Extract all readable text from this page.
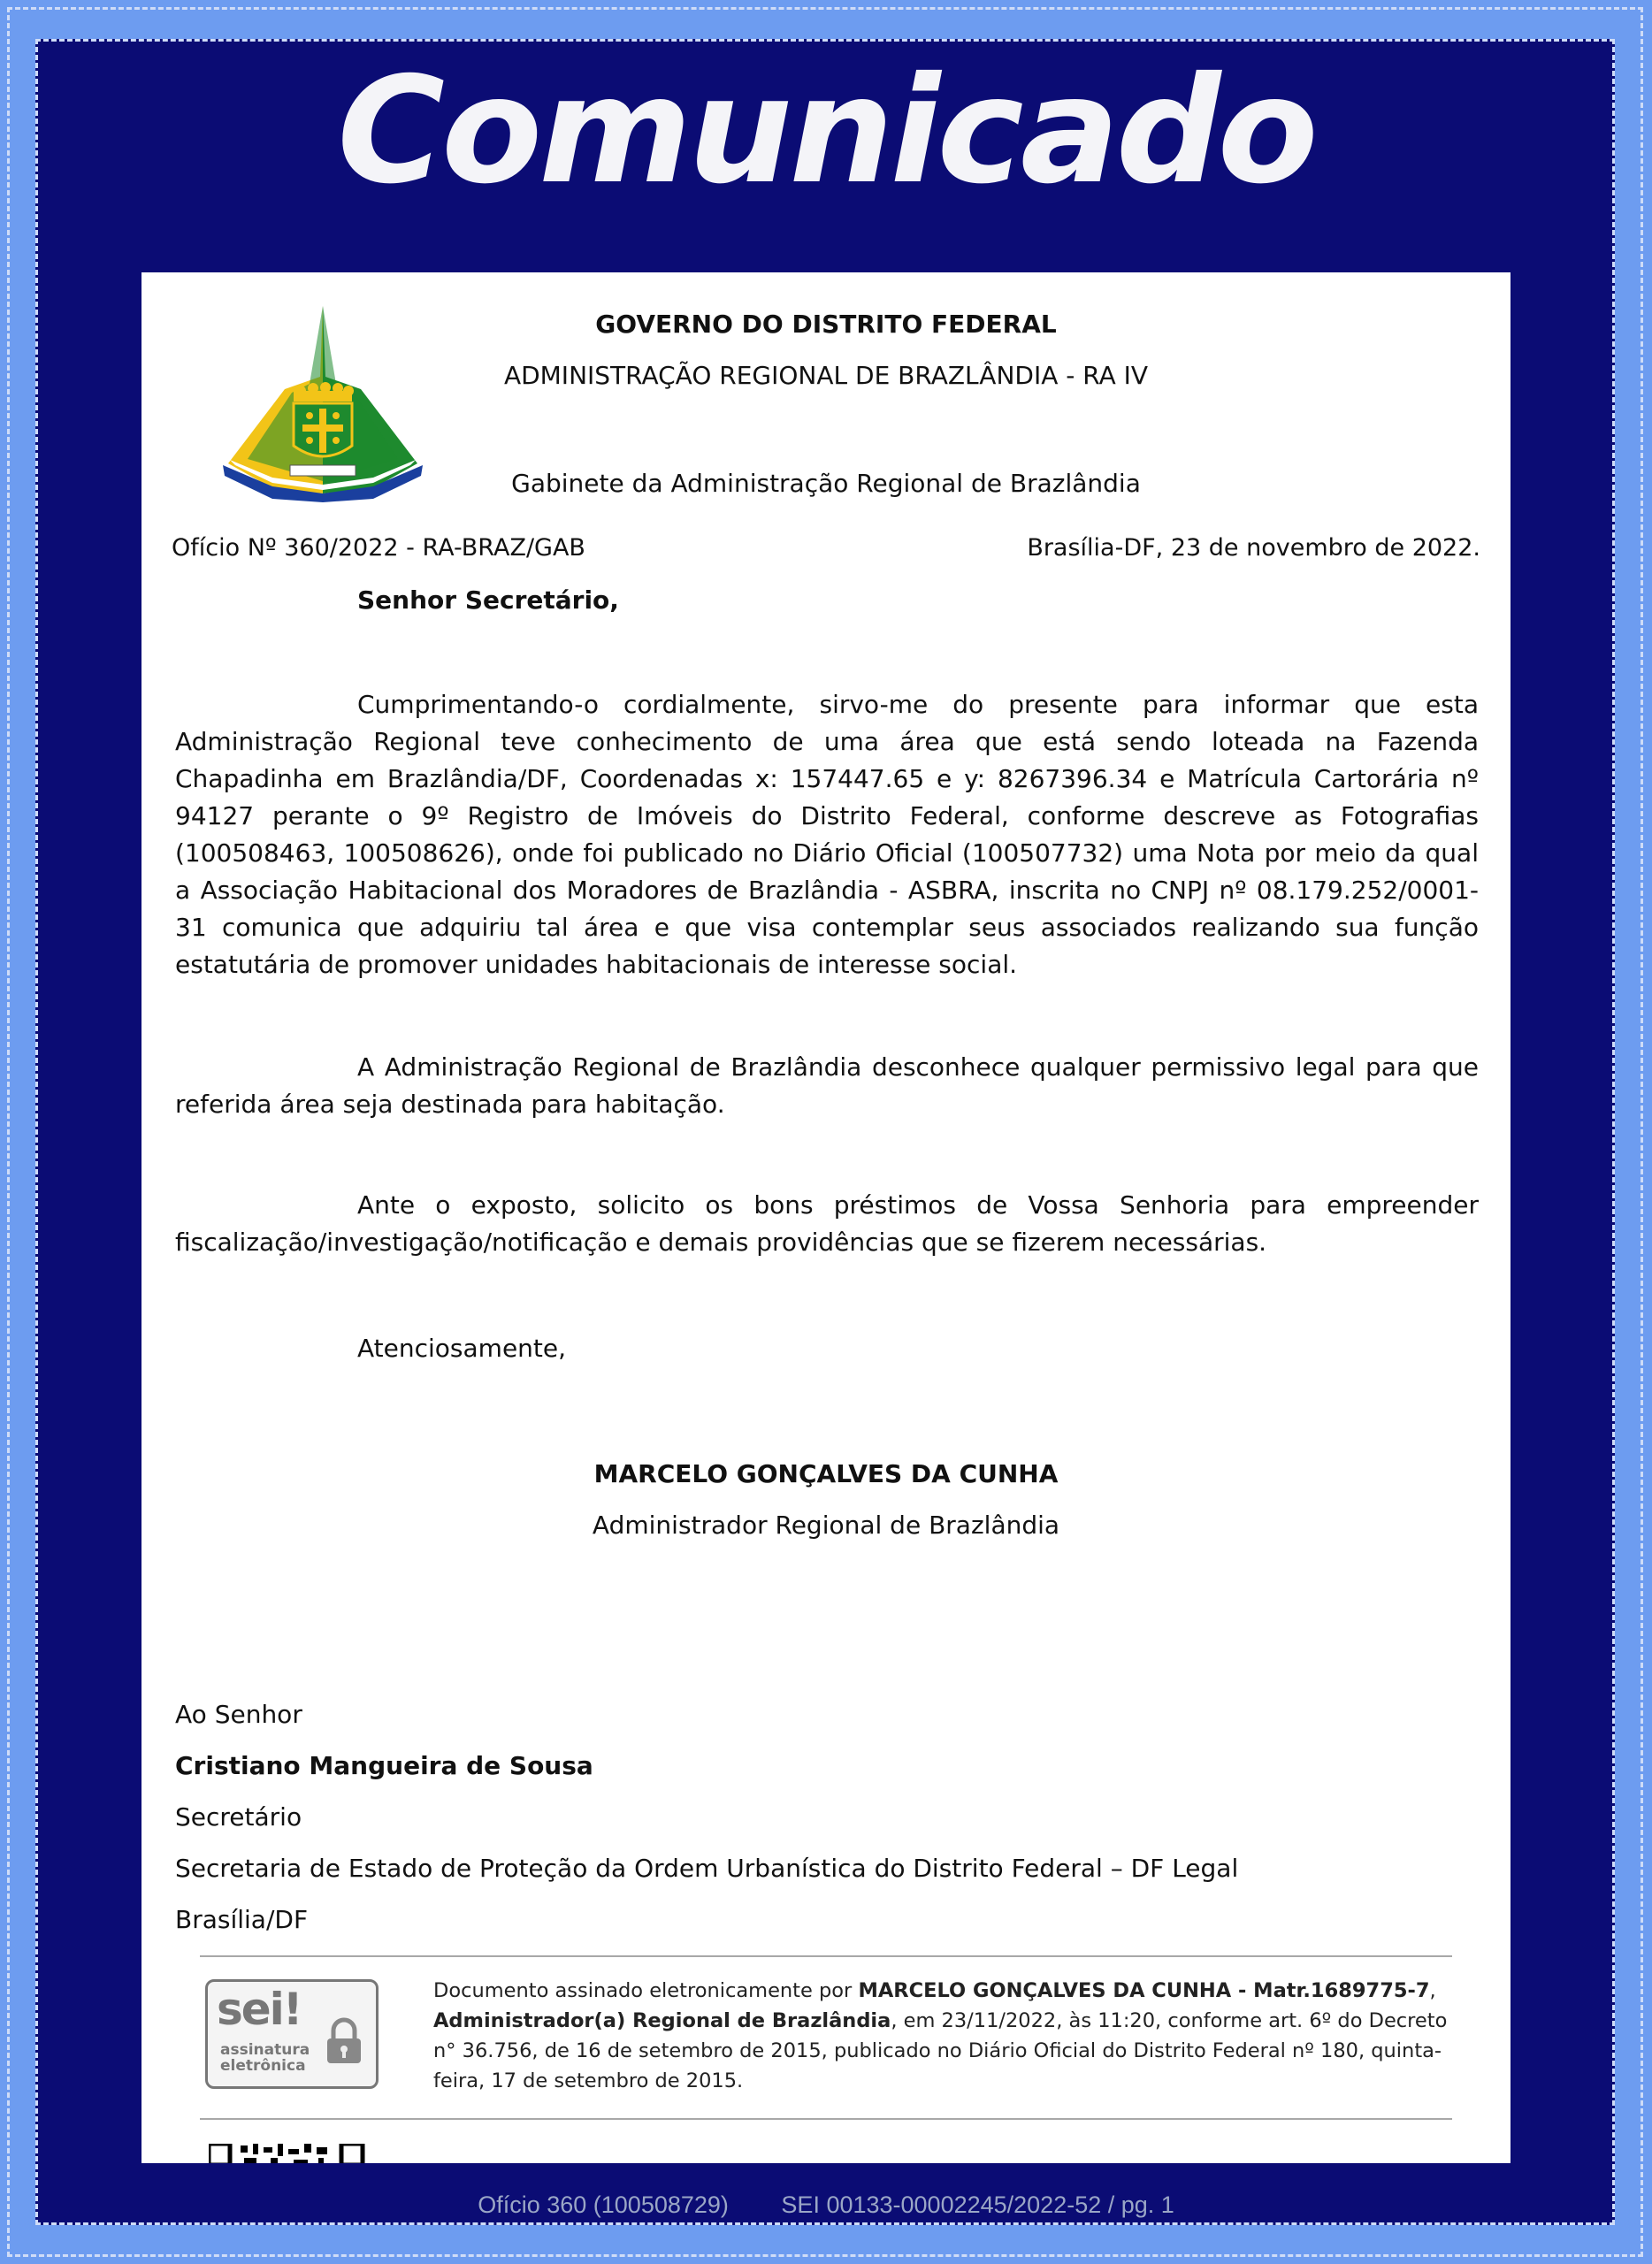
Comunicado
GOVERNO DO DISTRITO FEDERAL
ADMINISTRAÇÃO REGIONAL DE BRAZLÂNDIA - RA IV
Gabinete da Administração Regional de Brazlândia
Ofício Nº 360/2022 - RA-BRAZ/GAB	Brasília-DF, 23 de novembro de 2022.
Senhor Secretário,

Cumprimentando-o cordialmente, sirvo-me do presente para informar que esta Administração Regional teve conhecimento de uma área que está sendo loteada na Fazenda Chapadinha em Brazlândia/DF, Coordenadas x: 157447.65 e y: 8267396.34 e Matrícula Cartorária nº 94127 perante o 9º Registro de Imóveis do Distrito Federal, conforme descreve as Fotografias (100508463, 100508626), onde foi publicado no Diário Oficial (100507732) uma Nota por meio da qual a Associação Habitacional dos Moradores de Brazlândia - ASBRA, inscrita no CNPJ nº 08.179.252/0001-31 comunica que adquiriu tal área e que visa contemplar seus associados realizando sua função estatutária de promover unidades habitacionais de interesse social.

A Administração Regional de Brazlândia desconhece qualquer permissivo legal para que referida área seja destinada para habitação.

Ante o exposto, solicito os bons préstimos de Vossa Senhoria para empreender fiscalização/investigação/notificação e demais providências que se fizerem necessárias.

Atenciosamente,
MARCELO GONÇALVES DA CUNHA
Administrador Regional de Brazlândia
Ao Senhor
Cristiano Mangueira de Sousa
Secretário
Secretaria de Estado de Proteção da Ordem Urbanística do Distrito Federal – DF Legal
Brasília/DF
sei!
assinatura
eletrônica
Documento assinado eletronicamente por MARCELO GONÇALVES DA CUNHA - Matr.1689775-7, Administrador(a) Regional de Brazlândia, em 23/11/2022, às 11:20, conforme art. 6º do Decreto n° 36.756, de 16 de setembro de 2015, publicado no Diário Oficial do Distrito Federal nº 180, quinta-feira, 17 de setembro de 2015.
Ofício 360 (100508729) SEI 00133-00002245/2022-52 / pg. 1
